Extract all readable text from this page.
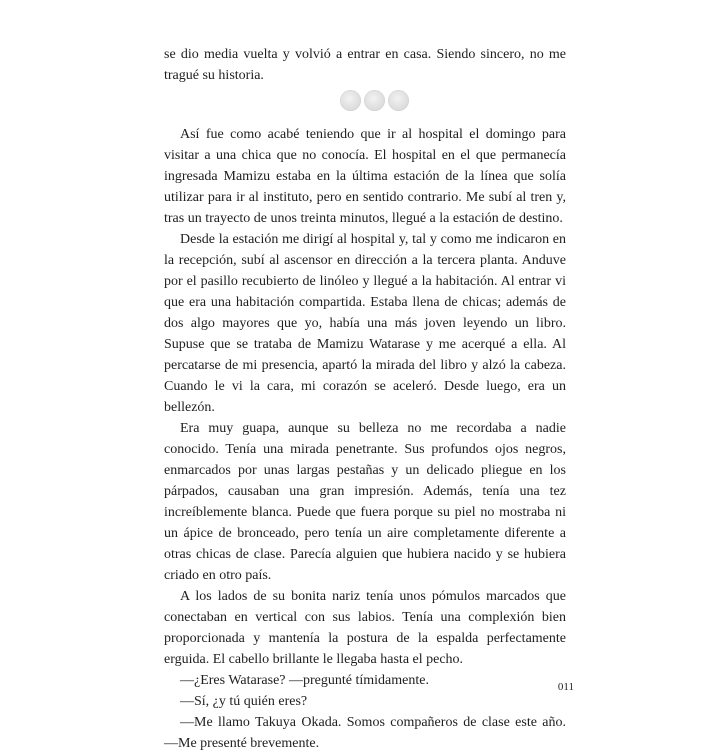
se dio media vuelta y volvió a entrar en casa. Siendo sincero, no me tragué su historia.

Así fue como acabé teniendo que ir al hospital el domingo para visitar a una chica que no conocía. El hospital en el que permanecía ingresada Mamizu estaba en la última estación de la línea que solía utilizar para ir al instituto, pero en sentido contrario. Me subí al tren y, tras un trayecto de unos treinta minutos, llegué a la estación de destino.

Desde la estación me dirigí al hospital y, tal y como me indicaron en la recepción, subí al ascensor en dirección a la tercera planta. Anduve por el pasillo recubierto de linóleo y llegué a la habitación. Al entrar vi que era una habitación compartida. Estaba llena de chicas; además de dos algo mayores que yo, había una más joven leyendo un libro. Supuse que se trataba de Mamizu Watarase y me acerqué a ella. Al percatarse de mi presencia, apartó la mirada del libro y alzó la cabeza. Cuando le vi la cara, mi corazón se aceleró. Desde luego, era un bellezón.

Era muy guapa, aunque su belleza no me recordaba a nadie conocido. Tenía una mirada penetrante. Sus profundos ojos negros, enmarcados por unas largas pestañas y un delicado pliegue en los párpados, causaban una gran impresión. Además, tenía una tez increíblemente blanca. Puede que fuera porque su piel no mostraba ni un ápice de bronceado, pero tenía un aire completamente diferente a otras chicas de clase. Parecía alguien que hubiera nacido y se hubiera criado en otro país.

A los lados de su bonita nariz tenía unos pómulos marcados que conectaban en vertical con sus labios. Tenía una complexión bien proporcionada y mantenía la postura de la espalda perfectamente erguida. El cabello brillante le llegaba hasta el pecho.

—¿Eres Watarase? —pregunté tímidamente.

—Sí, ¿y tú quién eres?

—Me llamo Takuya Okada. Somos compañeros de clase este año. —Me presenté brevemente.

011
